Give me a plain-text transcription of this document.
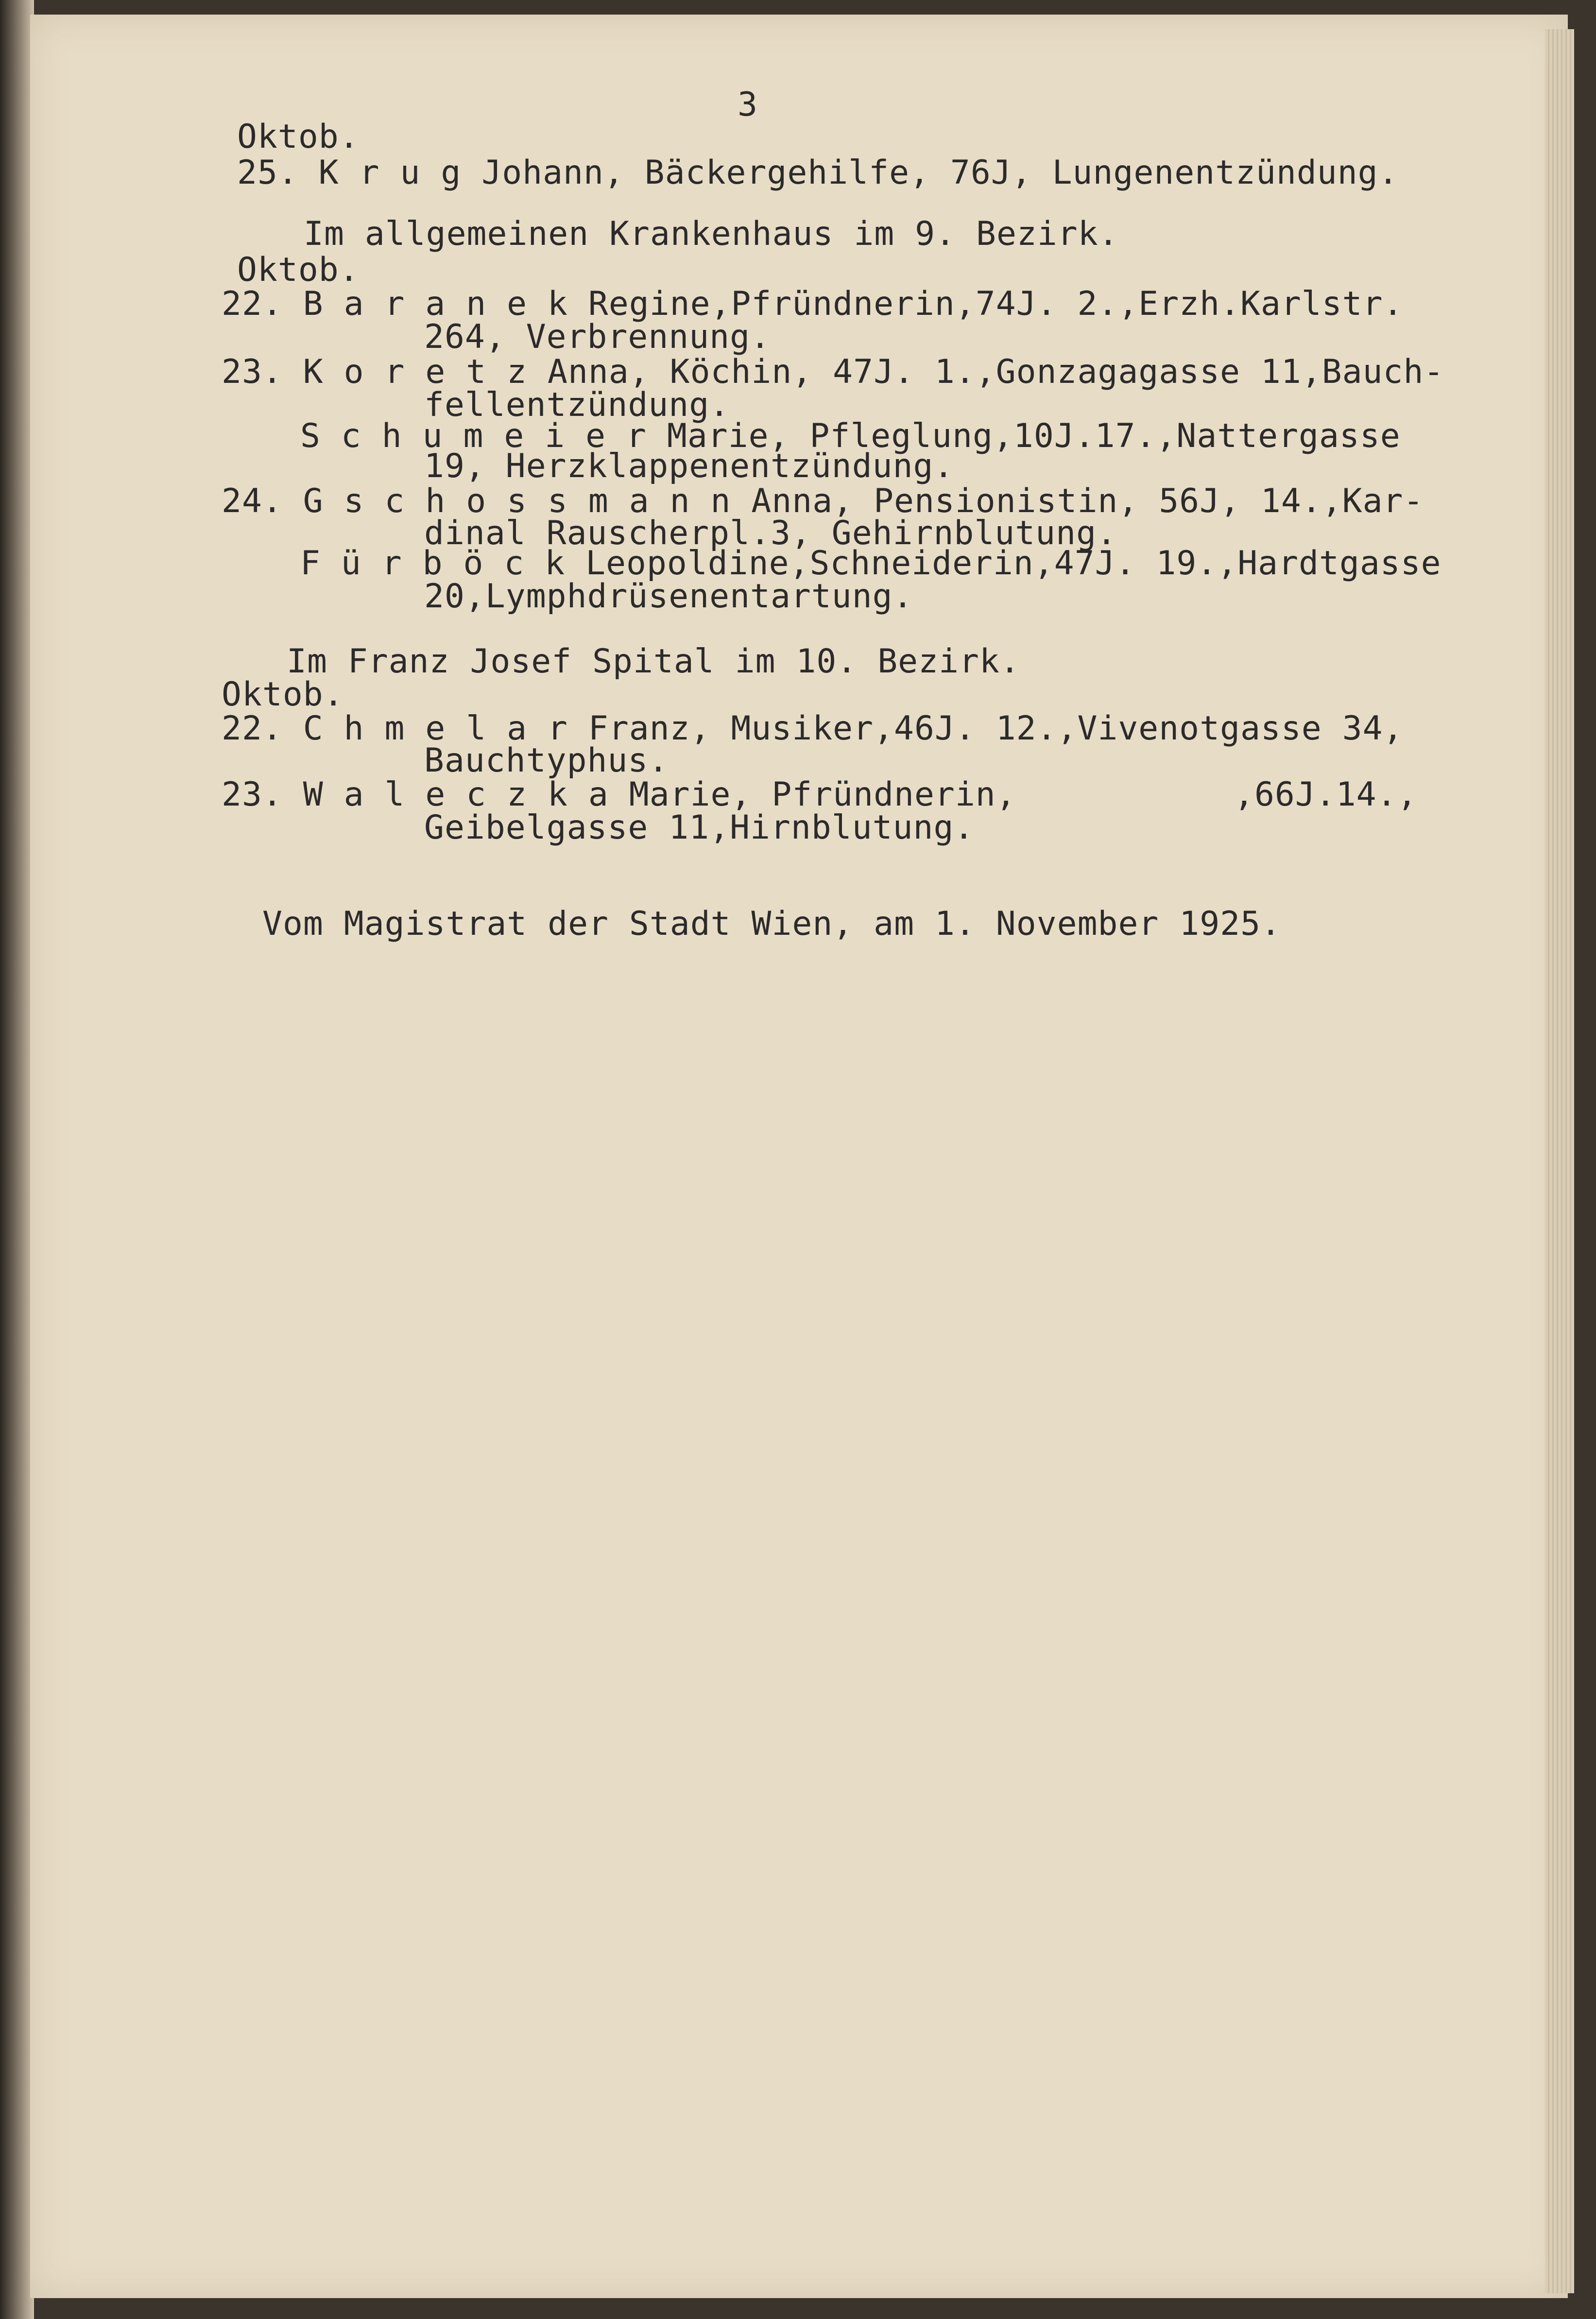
3
Oktob.
25. K r u g Johann, Bäckergehilfe, 76J, Lungenentzündung.
Im allgemeinen Krankenhaus im 9. Bezirk.
Oktob.
22. B a r a n e k Regine,Pfründnerin,74J. 2.,Erzh.Karlstr.
264, Verbrennung.
23. K o r e t z Anna, Köchin, 47J. 1.,Gonzagagasse 11,Bauch-
fellentzündung.
S c h u m e i e r Marie, Pfleglung,10J.17.,Nattergasse
19, Herzklappenentzündung.
24. G s c h o s s m a n n Anna, Pensionistin, 56J, 14.,Kar-
dinal Rauscherpl.3, Gehirnblutung.
F ü r b ö c k Leopoldine,Schneiderin,47J. 19.,Hardtgasse
20,Lymphdrüsenentartung.
Im Franz Josef Spital im 10. Bezirk.
Oktob.
22. C h m e l a r Franz, Musiker,46J. 12.,Vivenotgasse 34,
Bauchtyphus.
23. W a l e c z k a Marie, Pfründnerin,	,66J.14.,
Geibelgasse 11,Hirnblutung.
Vom Magistrat der Stadt Wien, am 1. November 1925.
